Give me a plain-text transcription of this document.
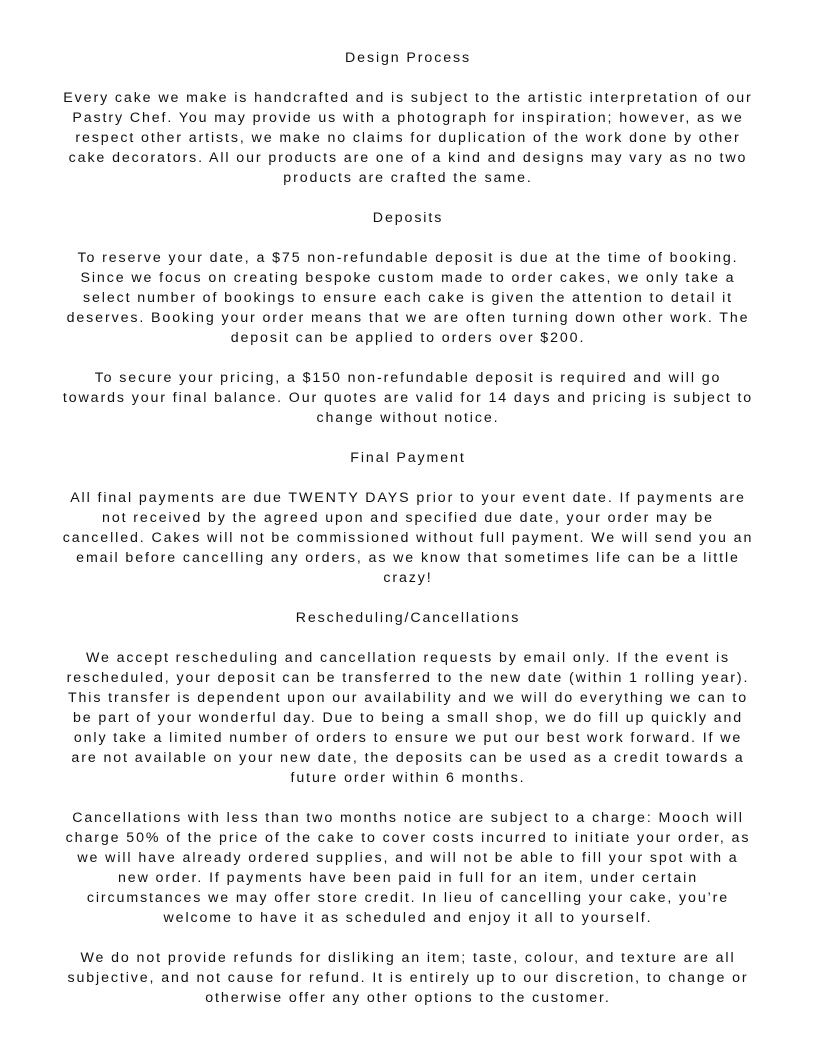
Design Process
Every cake we make is handcrafted and is subject to the artistic interpretation of our Pastry Chef. You may provide us with a photograph for inspiration; however, as we respect other artists, we make no claims for duplication of the work done by other cake decorators. All our products are one of a kind and designs may vary as no two products are crafted the same.
Deposits
To reserve your date, a $75 non-refundable deposit is due at the time of booking. Since we focus on creating bespoke custom made to order cakes, we only take a select number of bookings to ensure each cake is given the attention to detail it deserves. Booking your order means that we are often turning down other work. The deposit can be applied to orders over $200.
To secure your pricing, a $150 non-refundable deposit is required and will go towards your final balance. Our quotes are valid for 14 days and pricing is subject to change without notice.
Final Payment
All final payments are due TWENTY DAYS prior to your event date. If payments are not received by the agreed upon and specified due date, your order may be cancelled. Cakes will not be commissioned without full payment. We will send you an email before cancelling any orders, as we know that sometimes life can be a little crazy!
Rescheduling/Cancellations
We accept rescheduling and cancellation requests by email only. If the event is rescheduled, your deposit can be transferred to the new date (within 1 rolling year). This transfer is dependent upon our availability and we will do everything we can to be part of your wonderful day. Due to being a small shop, we do fill up quickly and only take a limited number of orders to ensure we put our best work forward. If we are not available on your new date, the deposits can be used as a credit towards a future order within 6 months.
Cancellations with less than two months notice are subject to a charge: Mooch will charge 50% of the price of the cake to cover costs incurred to initiate your order, as we will have already ordered supplies, and will not be able to fill your spot with a new order. If payments have been paid in full for an item, under certain circumstances we may offer store credit. In lieu of cancelling your cake, you’re welcome to have it as scheduled and enjoy it all to yourself.
We do not provide refunds for disliking an item; taste, colour, and texture are all subjective, and not cause for refund. It is entirely up to our discretion, to change or otherwise offer any other options to the customer.
